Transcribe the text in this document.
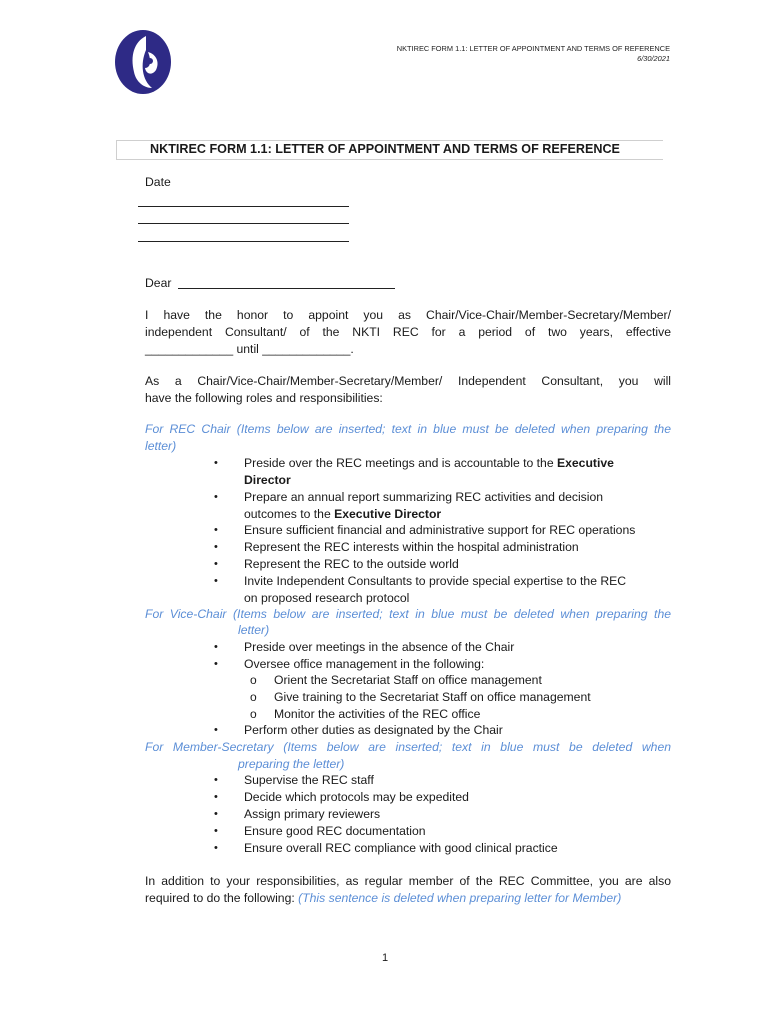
NKTIREC FORM 1.1: LETTER OF APPOINTMENT AND TERMS OF REFERENCE
6/30/2021
NKTIREC FORM 1.1: LETTER OF APPOINTMENT AND TERMS OF REFERENCE
Date
Dear
I have the honor to appoint you as Chair/Vice-Chair/Member-Secretary/Member/
independent Consultant/ of the NKTI REC for a period of two years, effective
_____________ until _____________.
As a Chair/Vice-Chair/Member-Secretary/Member/ Independent Consultant, you will
have the following roles and responsibilities:
For REC Chair (Items below are inserted; text in blue must be deleted when preparing the
letter)
• Preside over the REC meetings and is accountable to the Executive
Director
• Prepare an annual report summarizing REC activities and decision
outcomes to the Executive Director
• Ensure sufficient financial and administrative support for REC operations
• Represent the REC interests within the hospital administration
• Represent the REC to the outside world
• Invite Independent Consultants to provide special expertise to the REC
on proposed research protocol
For Vice-Chair (Items below are inserted; text in blue must be deleted when preparing the
letter)
• Preside over meetings in the absence of the Chair
• Oversee office management in the following:
o Orient the Secretariat Staff on office management
o Give training to the Secretariat Staff on office management
o Monitor the activities of the REC office
• Perform other duties as designated by the Chair
For Member-Secretary (Items below are inserted; text in blue must be deleted when
preparing the letter)
• Supervise the REC staff
• Decide which protocols may be expedited
• Assign primary reviewers
• Ensure good REC documentation
• Ensure overall REC compliance with good clinical practice
In addition to your responsibilities, as regular member of the REC Committee, you are also
required to do the following: (This sentence is deleted when preparing letter for Member)
1
